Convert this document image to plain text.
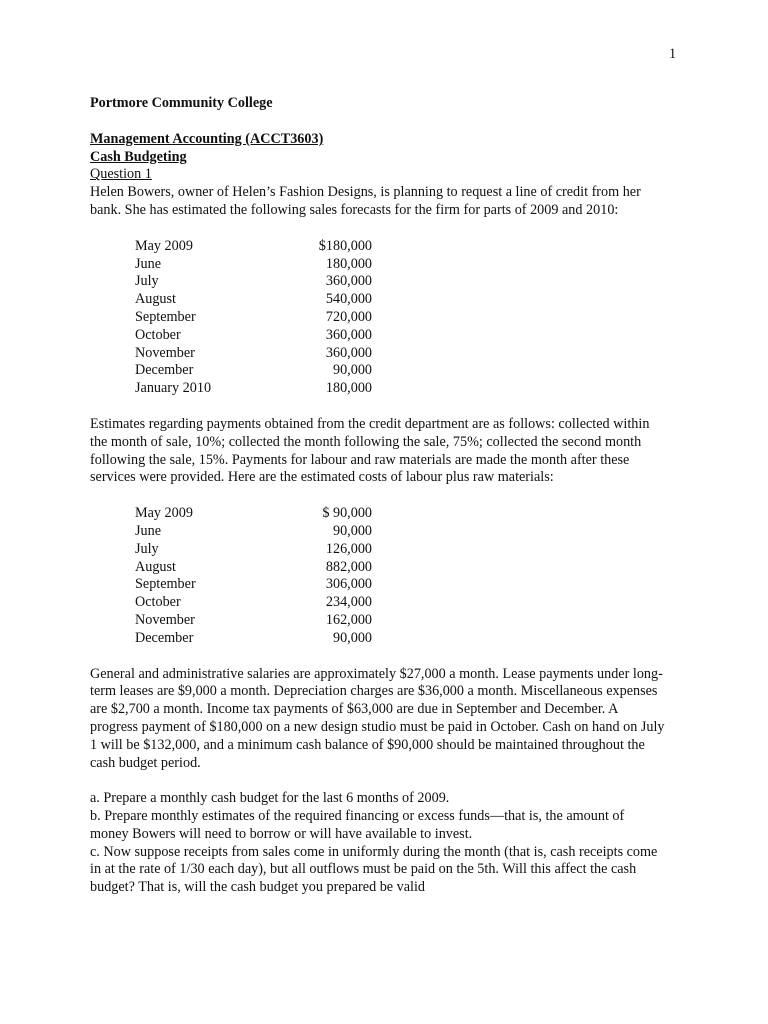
1
Portmore Community College
Management Accounting (ACCT3603)
Cash Budgeting
Question 1

Helen Bowers, owner of Helen’s Fashion Designs, is planning to request a line of credit from her bank. She has estimated the following sales forecasts for the firm for parts of 2009 and 2010:

May 2009	$180,000
June	180,000
July	360,000
August	540,000
September	720,000
October	360,000
November	360,000
December	90,000
January 2010	180,000

Estimates regarding payments obtained from the credit department are as follows: collected within the month of sale, 10%; collected the month following the sale, 75%; collected the second month following the sale, 15%. Payments for labour and raw materials are made the month after these services were provided. Here are the estimated costs of labour plus raw materials:

May 2009	$ 90,000
June	90,000
July	126,000
August	882,000
September	306,000
October	234,000
November	162,000
December	90,000

General and administrative salaries are approximately $27,000 a month. Lease payments under long-term leases are $9,000 a month. Depreciation charges are $36,000 a month. Miscellaneous expenses are $2,700 a month. Income tax payments of $63,000 are due in September and December. A progress payment of $180,000 on a new design studio must be paid in October. Cash on hand on July 1 will be $132,000, and a minimum cash balance of $90,000 should be maintained throughout the cash budget period.

a. Prepare a monthly cash budget for the last 6 months of 2009.
b. Prepare monthly estimates of the required financing or excess funds—that is, the amount of money Bowers will need to borrow or will have available to invest.
c. Now suppose receipts from sales come in uniformly during the month (that is, cash receipts come in at the rate of 1/30 each day), but all outflows must be paid on the 5th. Will this affect the cash budget? That is, will the cash budget you prepared be valid
